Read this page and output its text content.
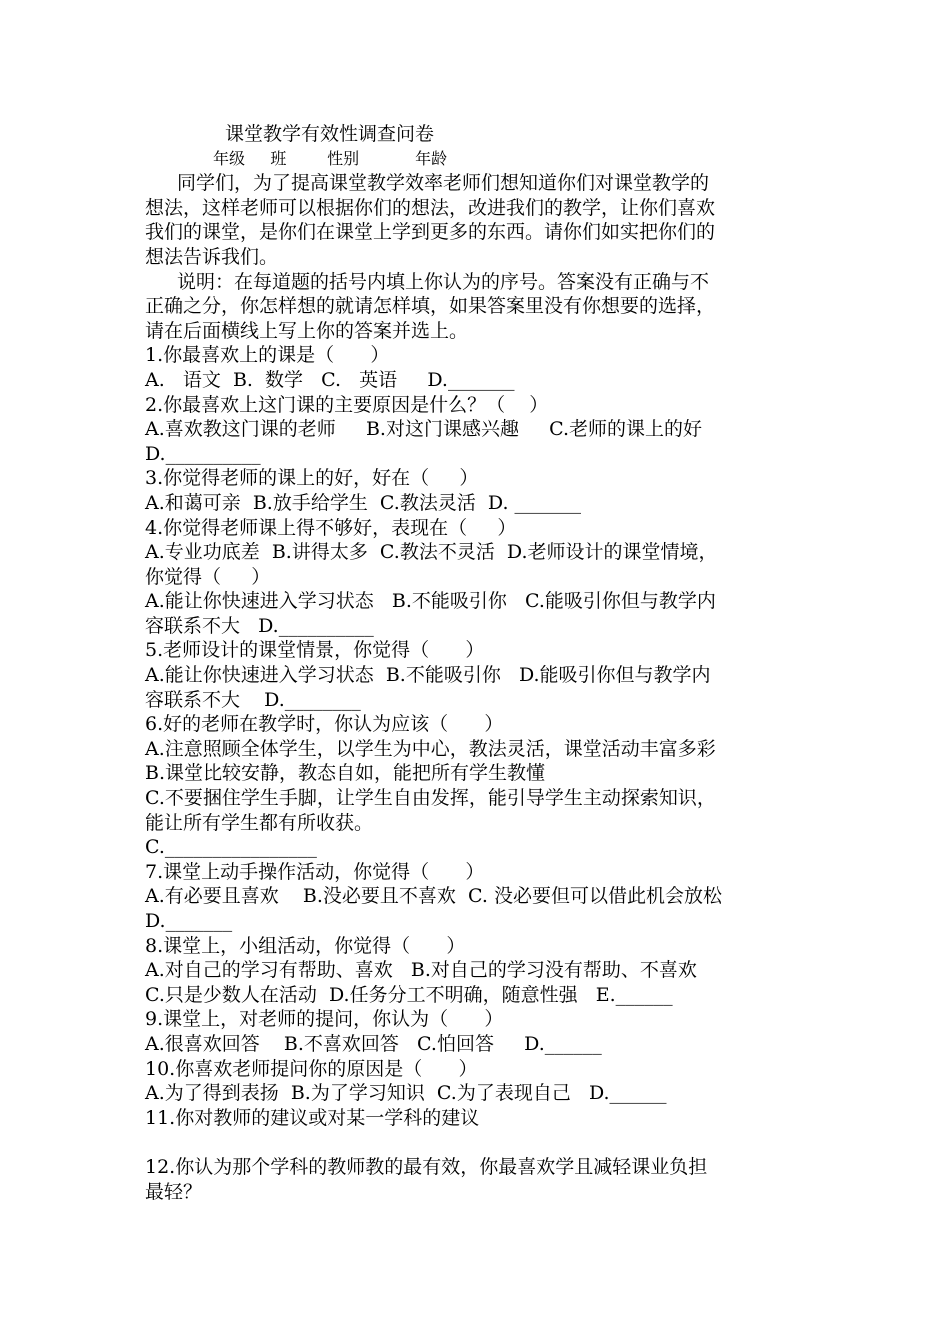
课堂教学有效性调查问卷
年级     班        性别           年龄
同学们，为了提高课堂教学效率老师们想知道你们对课堂教学的
想法，这样老师可以根据你们的想法，改进我们的教学，让你们喜欢
我们的课堂，是你们在课堂上学到更多的东西。请你们如实把你们的
想法告诉我们。
说明：在每道题的括号内填上你认为的序号。答案没有正确与不
正确之分，你怎样想的就请怎样填，如果答案里没有你想要的选择，
请在后面横线上写上你的答案并选上。
1.你最喜欢上的课是（      ）
A.   语文  B.  数学   C.   英语     D._______
2.你最喜欢上这门课的主要原因是什么？（    ）
A.喜欢教这门课的老师     B.对这门课感兴趣     C.老师的课上的好
D.__________
3.你觉得老师的课上的好，好在（     ）
A.和蔼可亲  B.放手给学生  C.教法灵活  D. _______
4.你觉得老师课上得不够好，表现在（     ）
A.专业功底差  B.讲得太多  C.教法不灵活  D.老师设计的课堂情境，
你觉得（     ）
A.能让你快速进入学习状态   B.不能吸引你   C.能吸引你但与教学内
容联系不大   D.__________
5.老师设计的课堂情景，你觉得（      ）
A.能让你快速进入学习状态  B.不能吸引你   D.能吸引你但与教学内
容联系不大    D.________
6.好的老师在教学时，你认为应该（      ）
A.注意照顾全体学生，以学生为中心，教法灵活，课堂活动丰富多彩
B.课堂比较安静，教态自如，能把所有学生教懂
C.不要捆住学生手脚，让学生自由发挥，能引导学生主动探索知识，
能让所有学生都有所收获。
C.________________
7.课堂上动手操作活动，你觉得（      ）
A.有必要且喜欢    B.没必要且不喜欢  C. 没必要但可以借此机会放松
D._______
8.课堂上，小组活动，你觉得（      ）
A.对自己的学习有帮助、喜欢   B.对自己的学习没有帮助、不喜欢
C.只是少数人在活动  D.任务分工不明确，随意性强   E.______
9.课堂上，对老师的提问，你认为（      ）
A.很喜欢回答    B.不喜欢回答   C.怕回答     D.______
10.你喜欢老师提问你的原因是（      ）
A.为了得到表扬  B.为了学习知识  C.为了表现自己   D.______
11.你对教师的建议或对某一学科的建议
12.你认为那个学科的教师教的最有效，你最喜欢学且减轻课业负担
最轻？
